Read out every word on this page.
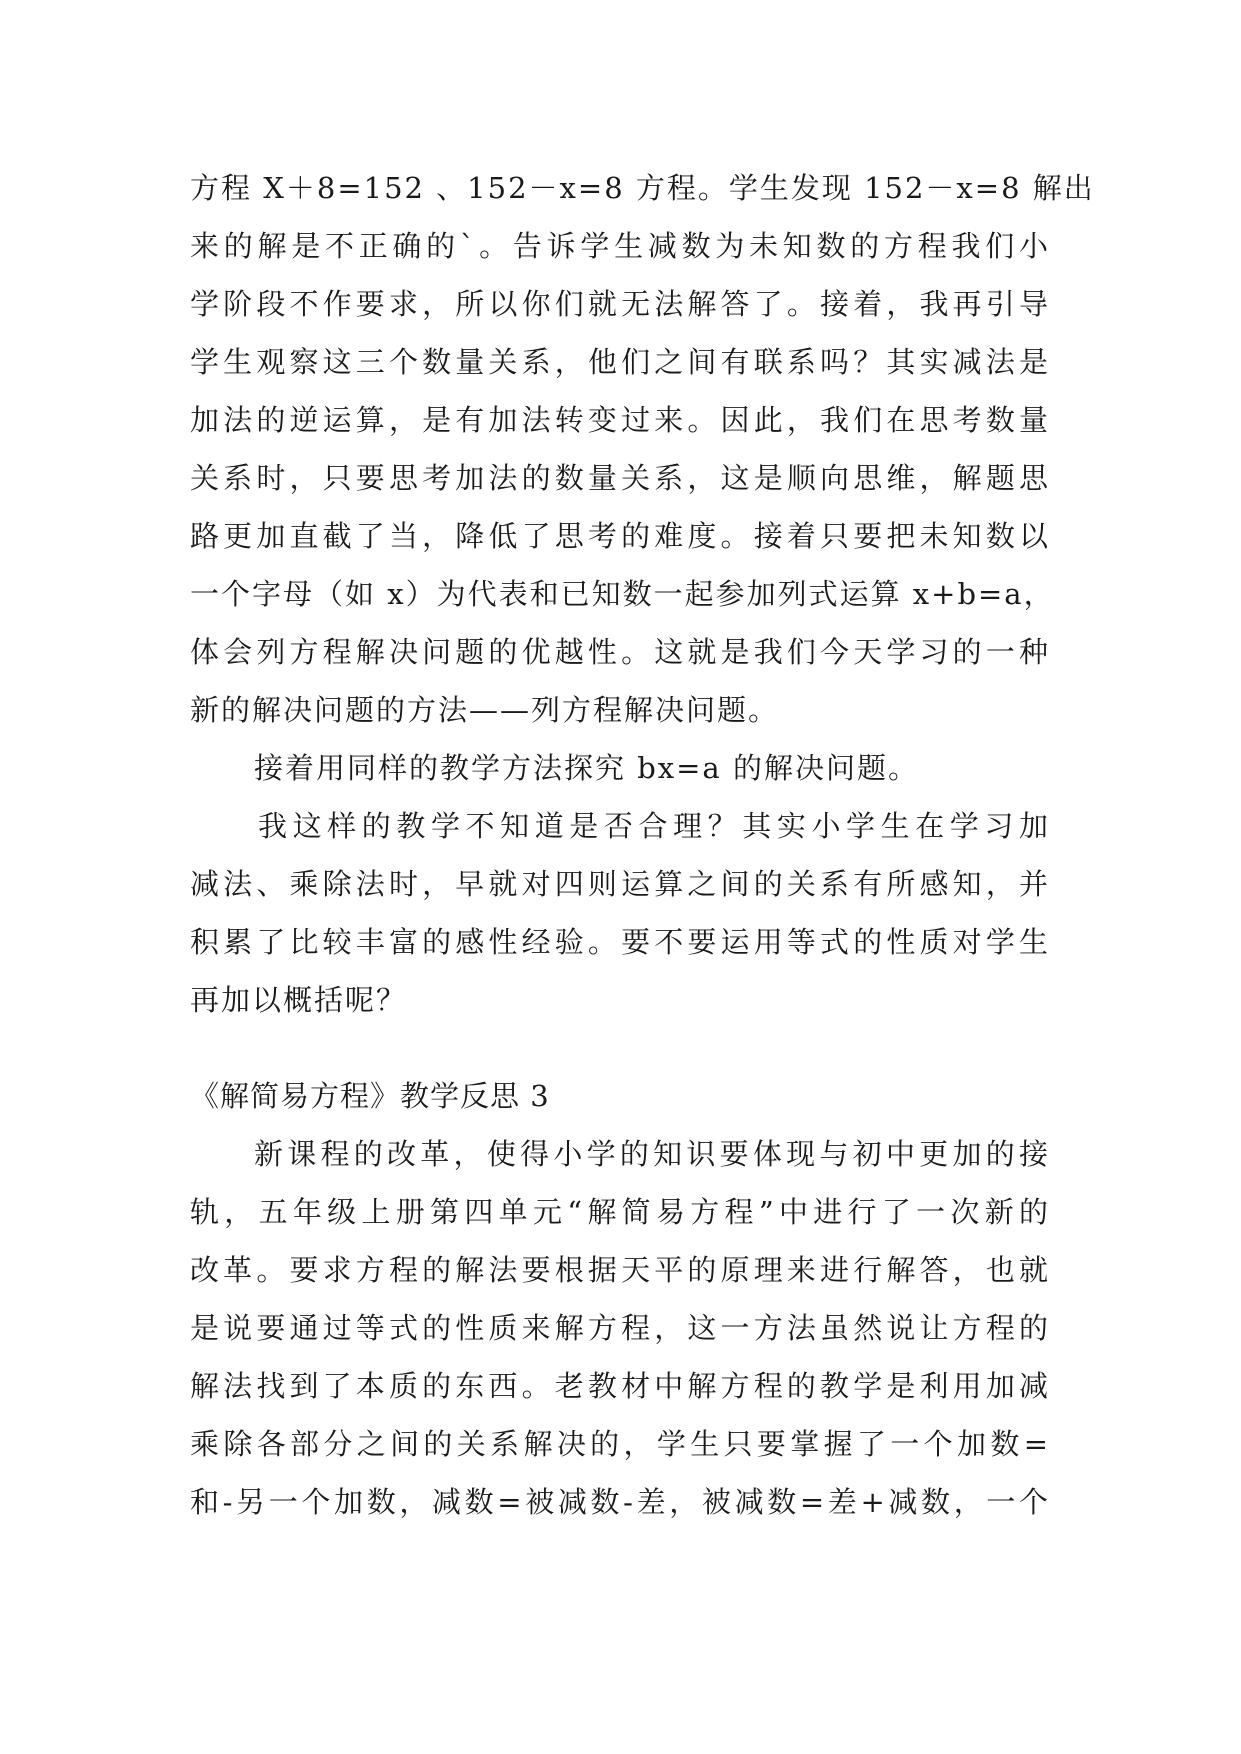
方程 X＋8=152 、152－x=8 方程。学生发现 152－x=8 解出
来的解是不正确的`。告诉学生减数为未知数的方程我们小
学阶段不作要求，所以你们就无法解答了。接着，我再引导
学生观察这三个数量关系，他们之间有联系吗？其实减法是
加法的逆运算，是有加法转变过来。因此，我们在思考数量
关系时，只要思考加法的数量关系，这是顺向思维，解题思
路更加直截了当，降低了思考的难度。接着只要把未知数以
一个字母（如 x）为代表和已知数一起参加列式运算 x+b=a，
体会列方程解决问题的优越性。这就是我们今天学习的一种
新的解决问题的方法——列方程解决问题。
接着用同样的教学方法探究 bx=a 的解决问题。
我这样的教学不知道是否合理？其实小学生在学习加
减法、乘除法时，早就对四则运算之间的关系有所感知，并
积累了比较丰富的感性经验。要不要运用等式的性质对学生
再加以概括呢？
《解简易方程》教学反思 3
新课程的改革，使得小学的知识要体现与初中更加的接
轨，五年级上册第四单元“解简易方程”中进行了一次新的
改革。要求方程的解法要根据天平的原理来进行解答，也就
是说要通过等式的性质来解方程，这一方法虽然说让方程的
解法找到了本质的东西。老教材中解方程的教学是利用加减
乘除各部分之间的关系解决的，学生只要掌握了一个加数=
和-另一个加数，减数=被减数-差，被减数=差+减数，一个
